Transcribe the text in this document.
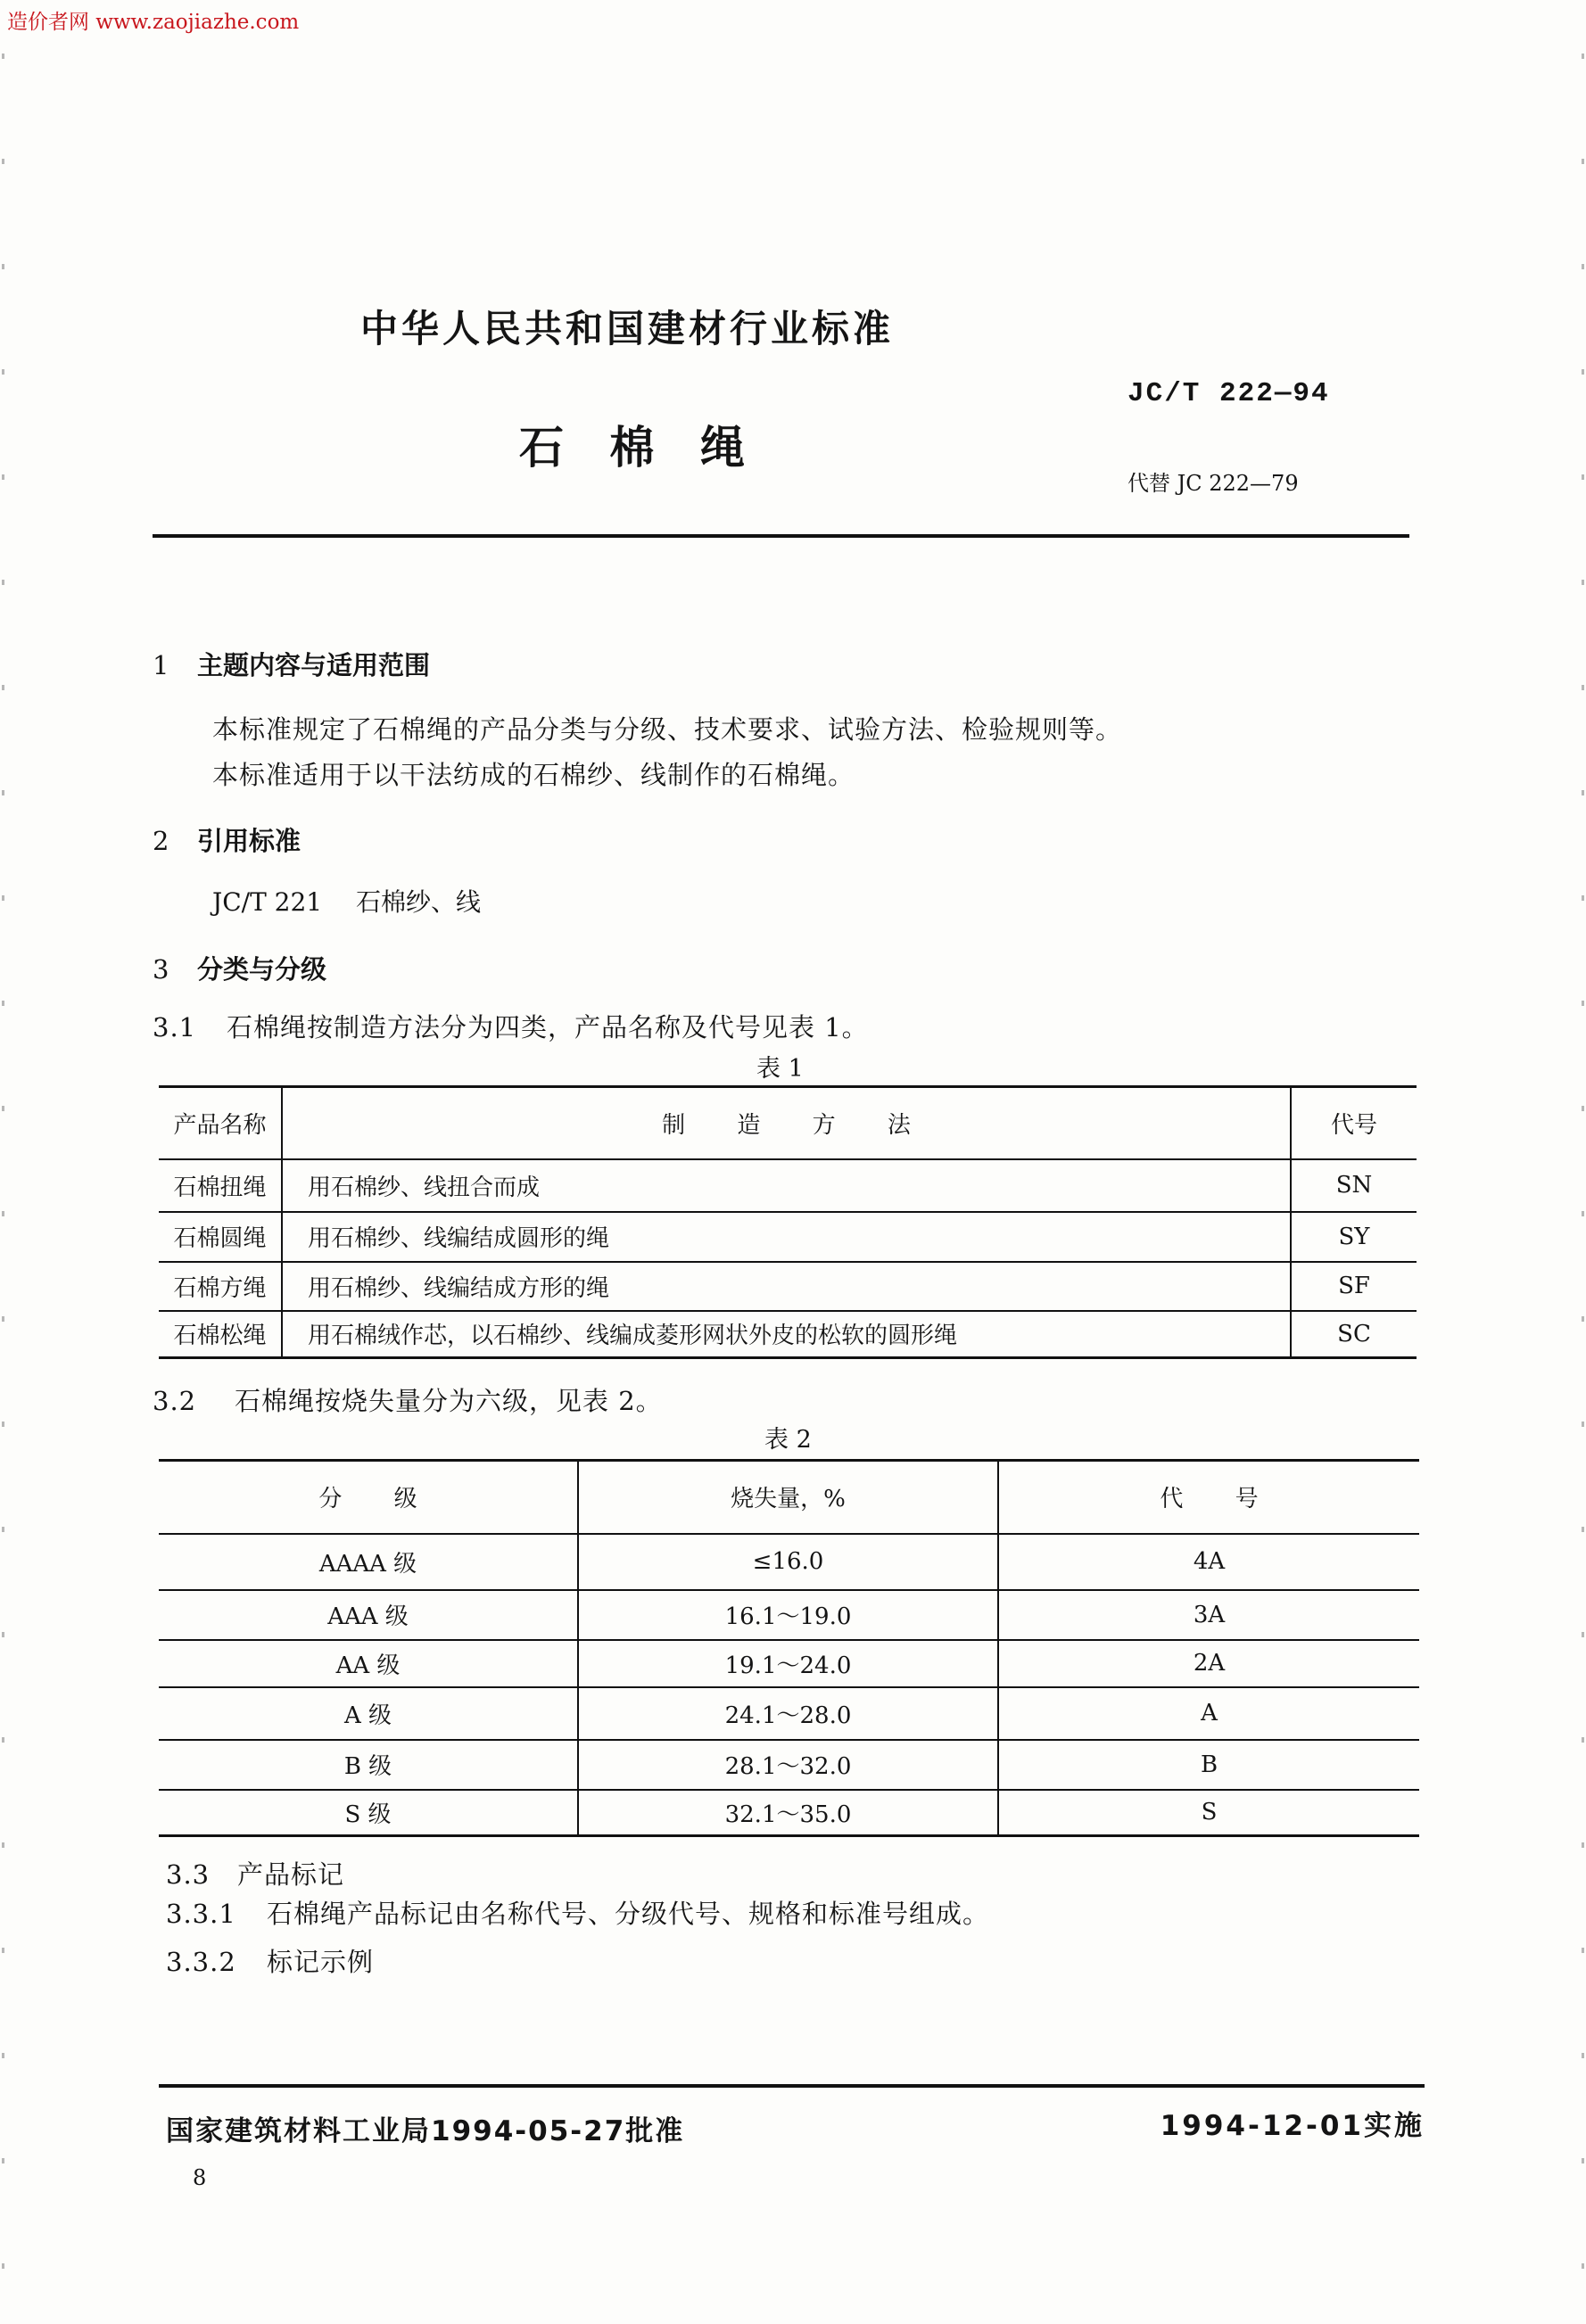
造价者网 www.zaojiazhe.com
中华人民共和国建材行业标准
JC/T 222—94
石 棉 绳
代替 JC 222—79
1 主题内容与适用范围
本标准规定了石棉绳的产品分类与分级、技术要求、试验方法、检验规则等。
本标准适用于以干法纺成的石棉纱、线制作的石棉绳。
2 引用标准
JC/T 221 石棉纱、线
3 分类与分级
3.1 石棉绳按制造方法分为四类，产品名称及代号见表 1。
表 1
产品名称	制 造 方 法	代号
石棉扭绳	用石棉纱、线扭合而成	SN
石棉圆绳	用石棉纱、线编结成圆形的绳	SY
石棉方绳	用石棉纱、线编结成方形的绳	SF
石棉松绳	用石棉绒作芯，以石棉纱、线编成菱形网状外皮的松软的圆形绳	SC
3.2 石棉绳按烧失量分为六级，见表 2。
表 2
分 级	烧失量，%	代 号
AAAA 级	≤16.0	4A
AAA 级	16.1～19.0	3A
AA 级	19.1～24.0	2A
A 级	24.1～28.0	A
B 级	28.1～32.0	B
S 级	32.1～35.0	S
3.3 产品标记
3.3.1 石棉绳产品标记由名称代号、分级代号、规格和标准号组成。
3.3.2 标记示例
国家建筑材料工业局1994-05-27批准	1994-12-01实施
8
